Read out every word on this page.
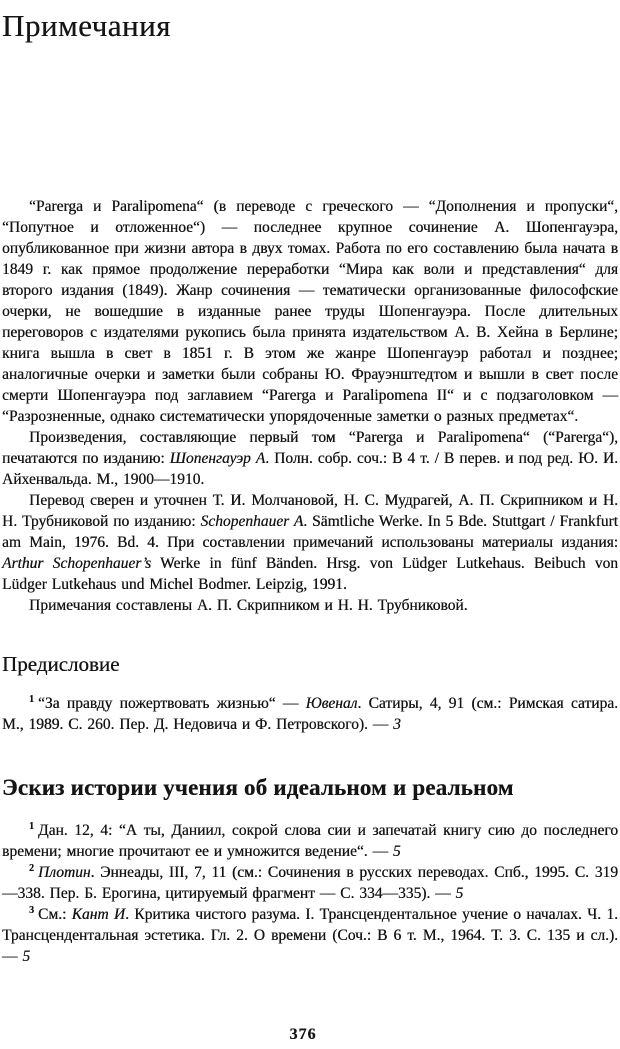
Примечания

“Parerga и Paralipomena“ (в переводе с греческого — “Дополнения и пропуски“, “Попутное и отложенное“) — последнее крупное сочинение А. Шопенгауэра, опубликованное при жизни автора в двух томах. Работа по его составлению была начата в 1849 г. как прямое продолжение переработки “Мира как воли и представления“ для второго издания (1849). Жанр сочинения — тематически организованные философские очерки, не вошедшие в изданные ранее труды Шопенгауэра. После длительных переговоров с издателями рукопись была принята издательством А. В. Хейна в Берлине; книга вышла в свет в 1851 г. В этом же жанре Шопенгауэр работал и позднее; аналогичные очерки и заметки были собраны Ю. Фрауэнштедтом и вышли в свет после смерти Шопенгауэра под заглавием “Parerga и Paralipomena II“ и с подзаголовком — “Разрозненные, однако систематически упорядоченные заметки о разных предметах“.

Произведения, составляющие первый том “Parerga и Paralipomena“ (“Parerga“), печатаются по изданию: Шопенгауэр А. Полн. собр. соч.: В 4 т. / В перев. и под ред. Ю. И. Айхенвальда. М., 1900—1910.

Перевод сверен и уточнен Т. И. Молчановой, Н. С. Мудрагей, А. П. Скрипником и Н. Н. Трубниковой по изданию: Schopenhauer A. Sämtliche Werke. In 5 Bde. Stuttgart / Frankfurt am Main, 1976. Bd. 4. При составлении примечаний использованы материалы издания: Arthur Schopenhauer’s Werke in fünf Bänden. Hrsg. von Lüdger Lutkehaus. Beibuch von Lüdger Lutkehaus und Michel Bodmer. Leipzig, 1991.

Примечания составлены А. П. Скрипником и Н. Н. Трубниковой.

Предисловие

$^1$ “За правду пожертвовать жизнью“ — Ювенал. Сатиры, 4, 91 (см.: Римская сатира. М., 1989. С. 260. Пер. Д. Недовича и Ф. Петровского). — 3

Эскиз истории учения об идеальном и реальном

$^1$ Дан. 12, 4: “А ты, Даниил, сокрой слова сии и запечатай книгу сию до последнего времени; многие прочитают ее и умножится ведение“. — 5

$^2$ Плотин. Эннеады, III, 7, 11 (см.: Сочинения в русских переводах. Спб., 1995. С. 319—338. Пер. Б. Ерогина, цитируемый фрагмент — С. 334—335). — 5

$^3$ См.: Кант И. Критика чистого разума. I. Трансцендентальное учение о началах. Ч. 1. Трансцендентальная эстетика. Гл. 2. О времени (Соч.: В 6 т. М., 1964. Т. 3. С. 135 и сл.). — 5

376
